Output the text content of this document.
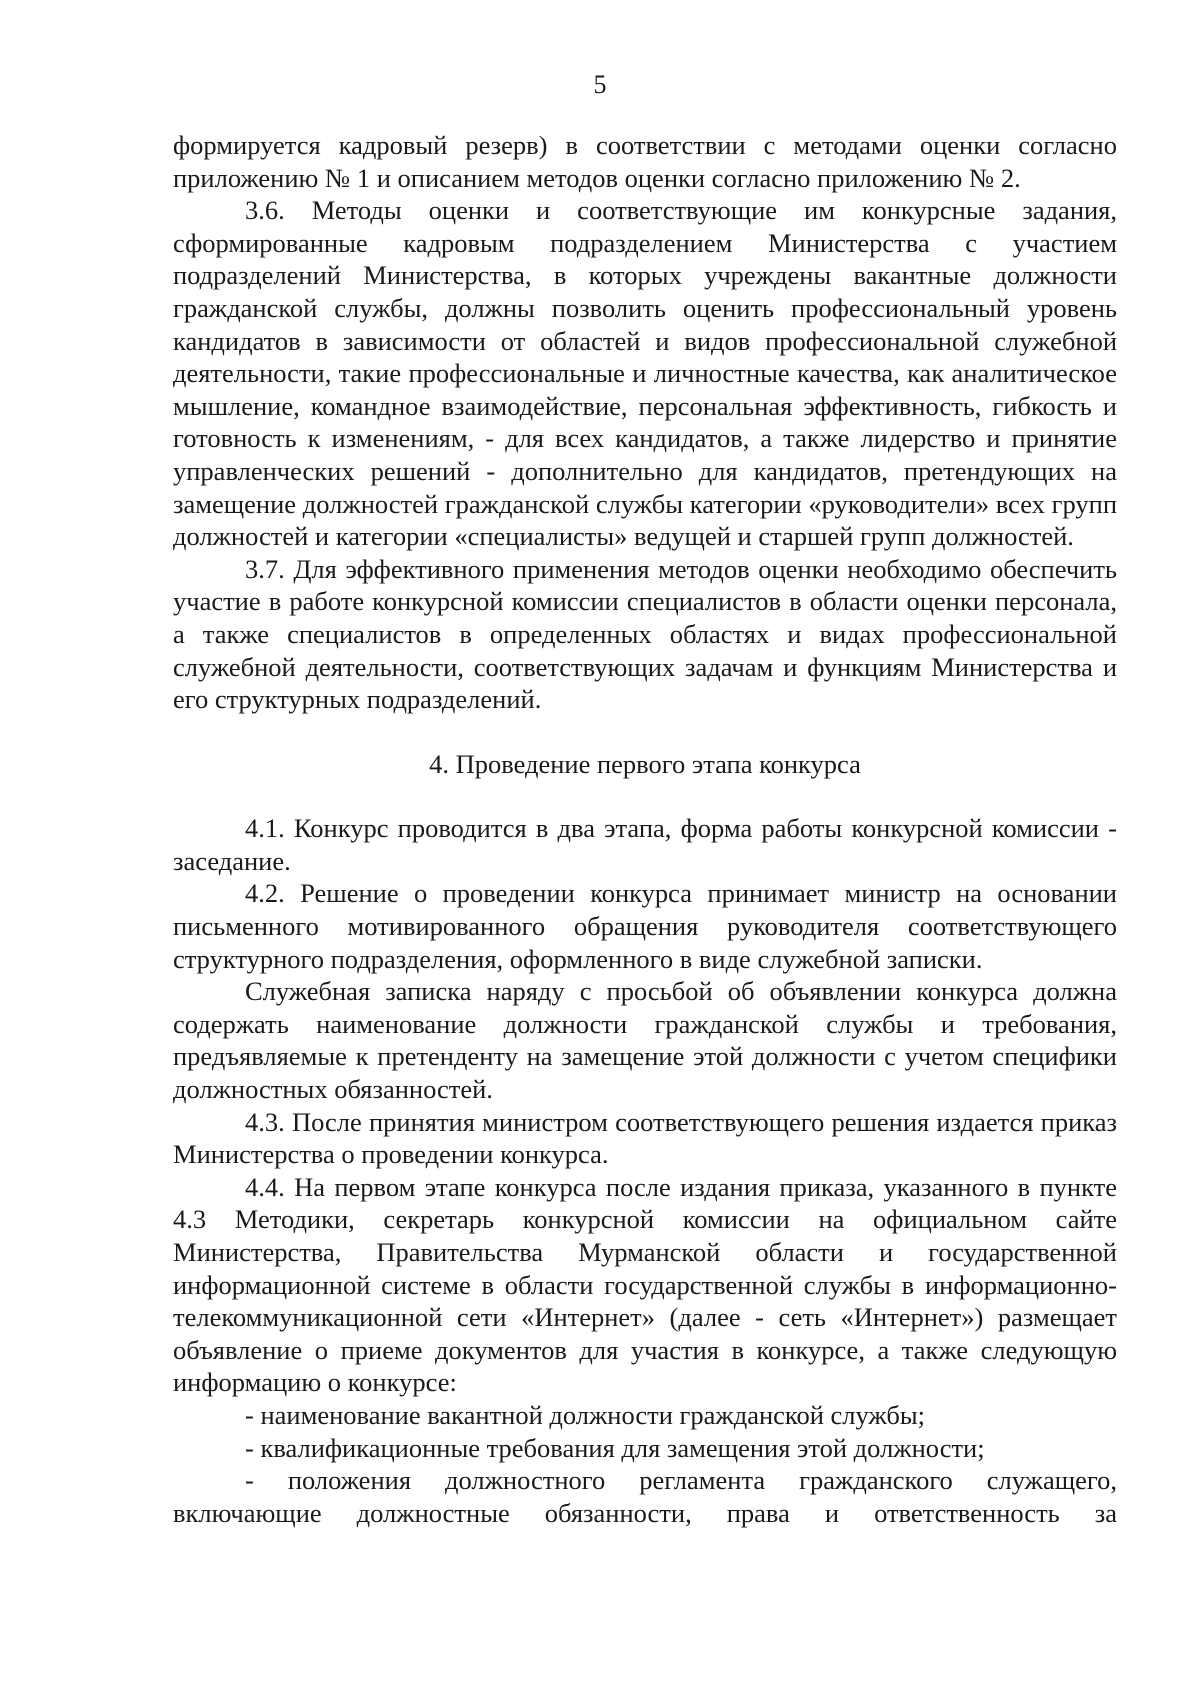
5

формируется кадровый резерв) в соответствии с методами оценки согласно приложению № 1 и описанием методов оценки согласно приложению № 2.

3.6. Методы оценки и соответствующие им конкурсные задания, сформированные кадровым подразделением Министерства с участием подразделений Министерства, в которых учреждены вакантные должности гражданской службы, должны позволить оценить профессиональный уровень кандидатов в зависимости от областей и видов профессиональной служебной деятельности, такие профессиональные и личностные качества, как аналитическое мышление, командное взаимодействие, персональная эффективность, гибкость и готовность к изменениям, - для всех кандидатов, а также лидерство и принятие управленческих решений - дополнительно для кандидатов, претендующих на замещение должностей гражданской службы категории «руководители» всех групп должностей и категории «специалисты» ведущей и старшей групп должностей.

3.7. Для эффективного применения методов оценки необходимо обеспечить участие в работе конкурсной комиссии специалистов в области оценки персонала, а также специалистов в определенных областях и видах профессиональной служебной деятельности, соответствующих задачам и функциям Министерства и его структурных подразделений.

4. Проведение первого этапа конкурса

4.1. Конкурс проводится в два этапа, форма работы конкурсной комиссии - заседание.

4.2. Решение о проведении конкурса принимает министр на основании письменного мотивированного обращения руководителя соответствующего структурного подразделения, оформленного в виде служебной записки.

Служебная записка наряду с просьбой об объявлении конкурса должна содержать наименование должности гражданской службы и требования, предъявляемые к претенденту на замещение этой должности с учетом специфики должностных обязанностей.

4.3. После принятия министром соответствующего решения издается приказ Министерства о проведении конкурса.

4.4. На первом этапе конкурса после издания приказа, указанного в пункте 4.3 Методики, секретарь конкурсной комиссии на официальном сайте Министерства, Правительства Мурманской области и государственной информационной системе в области государственной службы в информационно-телекоммуникационной сети «Интернет» (далее - сеть «Интернет») размещает объявление о приеме документов для участия в конкурсе, а также следующую информацию о конкурсе:

- наименование вакантной должности гражданской службы;

- квалификационные требования для замещения этой должности;

- положения должностного регламента гражданского служащего, включающие должностные обязанности, права и ответственность за
